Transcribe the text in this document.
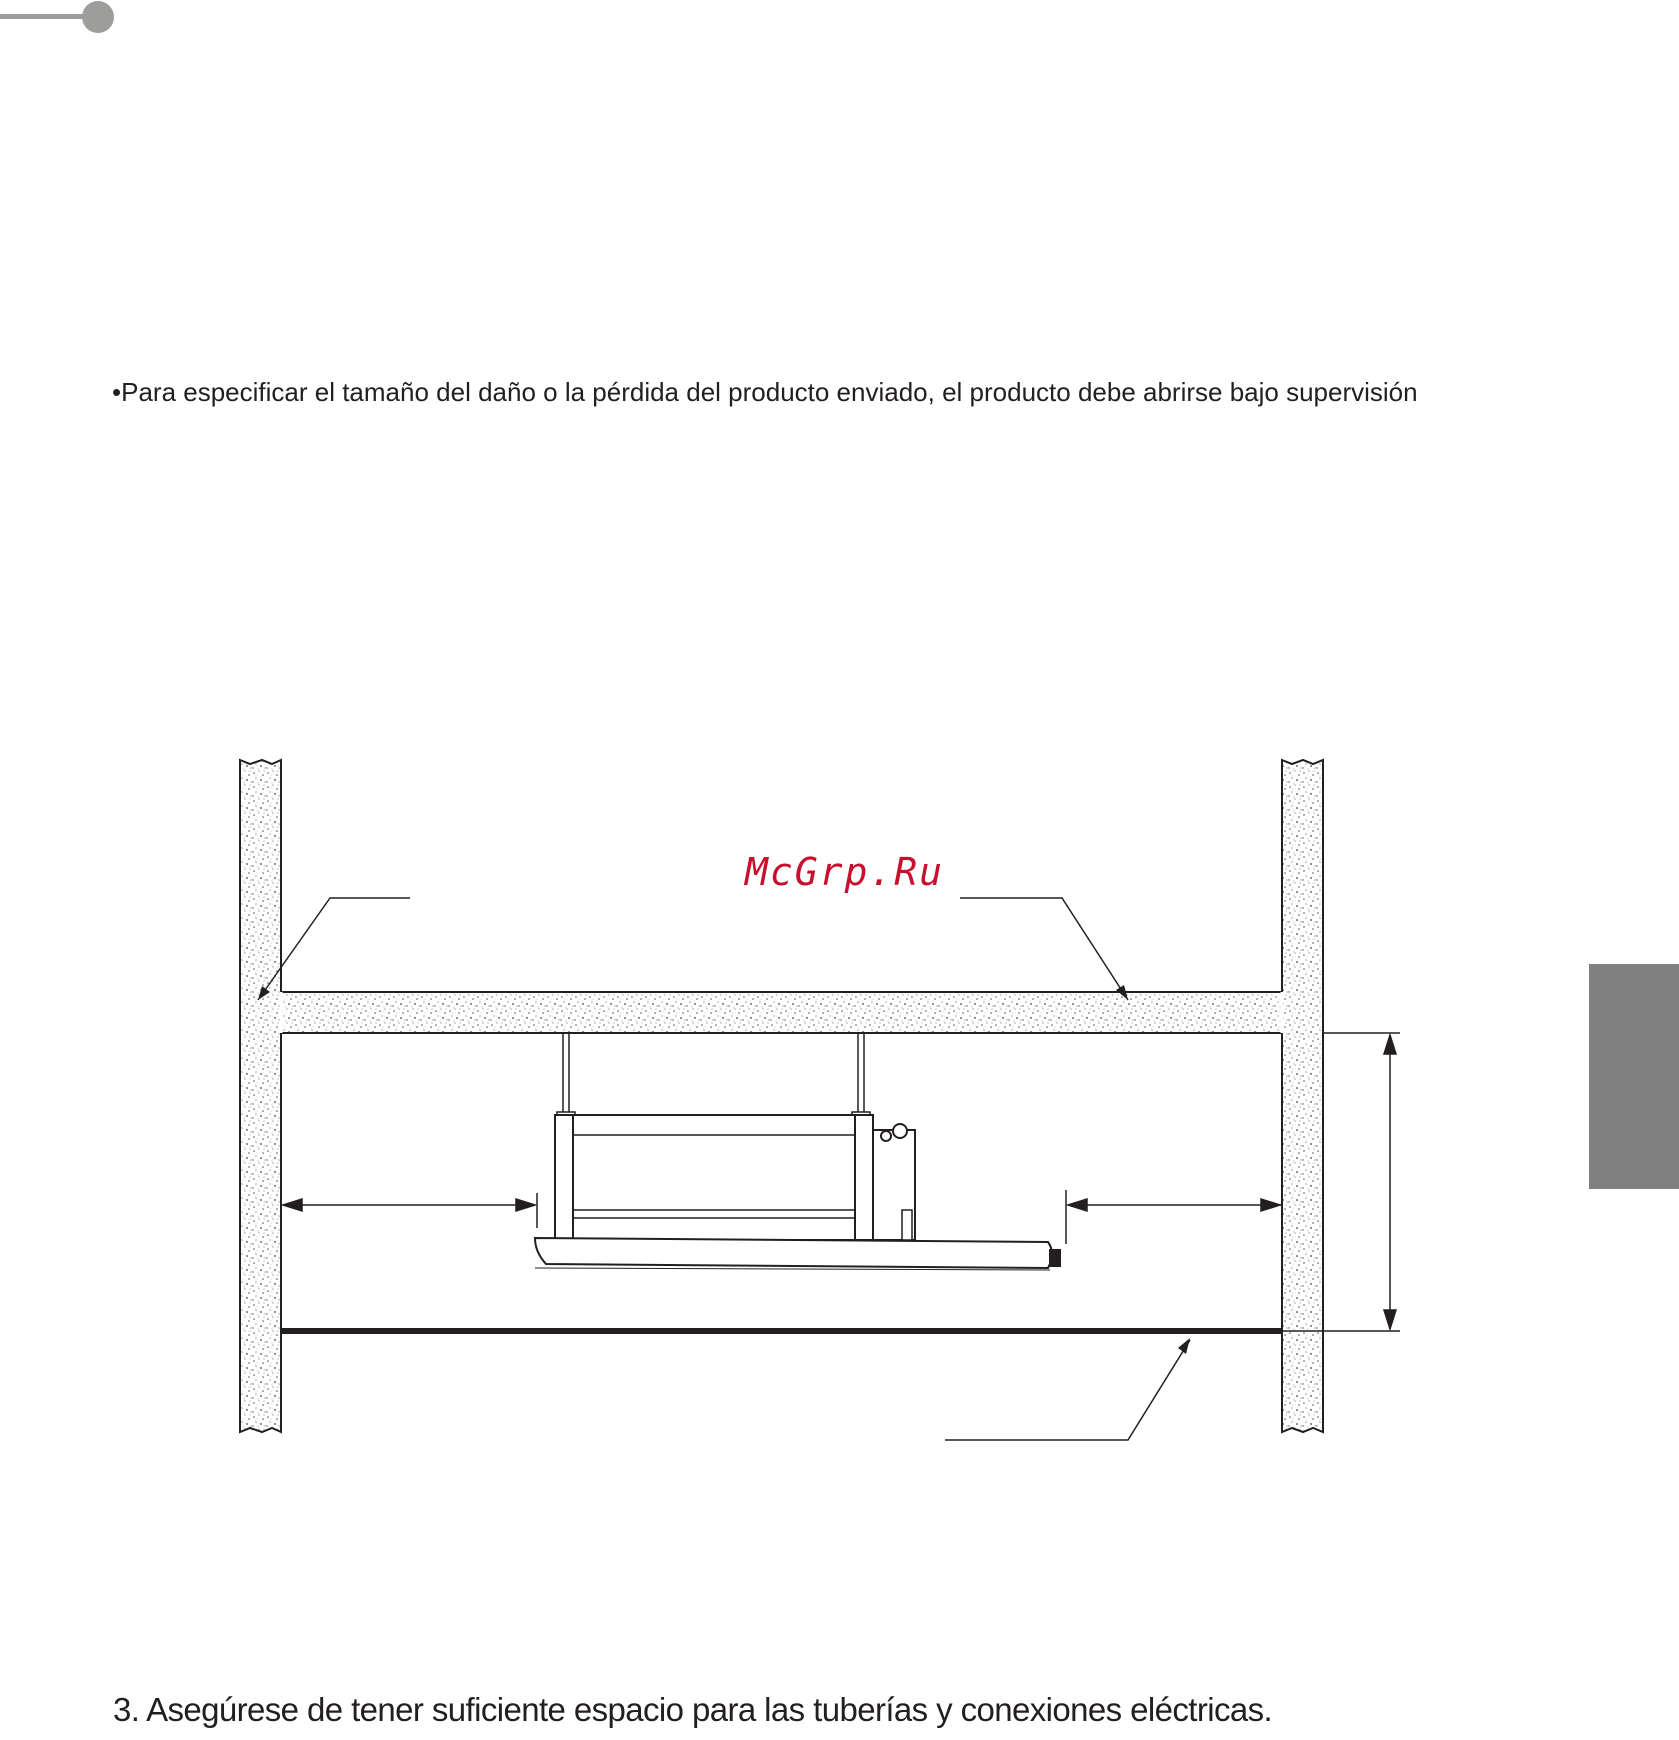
•Para especificar el tamaño del daño o la pérdida del producto enviado, el producto debe abrirse bajo supervisión
McGrp.Ru
3. Asegúrese de tener suficiente espacio para las tuberías y conexiones eléctricas.
